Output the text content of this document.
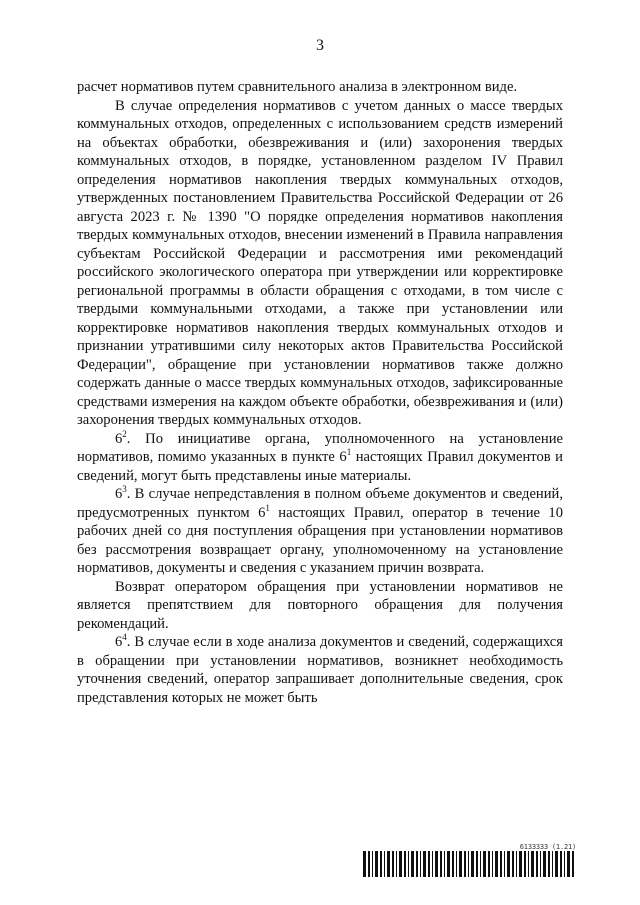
3

расчет нормативов путем сравнительного анализа в электронном виде.

В случае определения нормативов с учетом данных о массе твердых коммунальных отходов, определенных с использованием средств измерений на объектах обработки, обезвреживания и (или) захоронения твердых коммунальных отходов, в порядке, установленном разделом IV Правил определения нормативов накопления твердых коммунальных отходов, утвержденных постановлением Правительства Российской Федерации от 26 августа 2023 г. № 1390 "О порядке определения нормативов накопления твердых коммунальных отходов, внесении изменений в Правила направления субъектам Российской Федерации и рассмотрения ими рекомендаций российского экологического оператора при утверждении или корректировке региональной программы в области обращения с отходами, в том числе с твердыми коммунальными отходами, а также при установлении или корректировке нормативов накопления твердых коммунальных отходов и признании утратившими силу некоторых актов Правительства Российской Федерации", обращение при установлении нормативов также должно содержать данные о массе твердых коммунальных отходов, зафиксированные средствами измерения на каждом объекте обработки, обезвреживания и (или) захоронения твердых коммунальных отходов.

$6^2$. По инициативе органа, уполномоченного на установление нормативов, помимо указанных в пункте $6^1$ настоящих Правил документов и сведений, могут быть представлены иные материалы.

$6^3$. В случае непредставления в полном объеме документов и сведений, предусмотренных пунктом $6^1$ настоящих Правил, оператор в течение 10 рабочих дней со дня поступления обращения при установлении нормативов без рассмотрения возвращает органу, уполномоченному на установление нормативов, документы и сведения с указанием причин возврата.

Возврат оператором обращения при установлении нормативов не является препятствием для повторного обращения для получения рекомендаций.

$6^4$. В случае если в ходе анализа документов и сведений, содержащихся в обращении при установлении нормативов, возникнет необходимость уточнения сведений, оператор запрашивает дополнительные сведения, срок представления которых не может быть

6133333 (1.21)
